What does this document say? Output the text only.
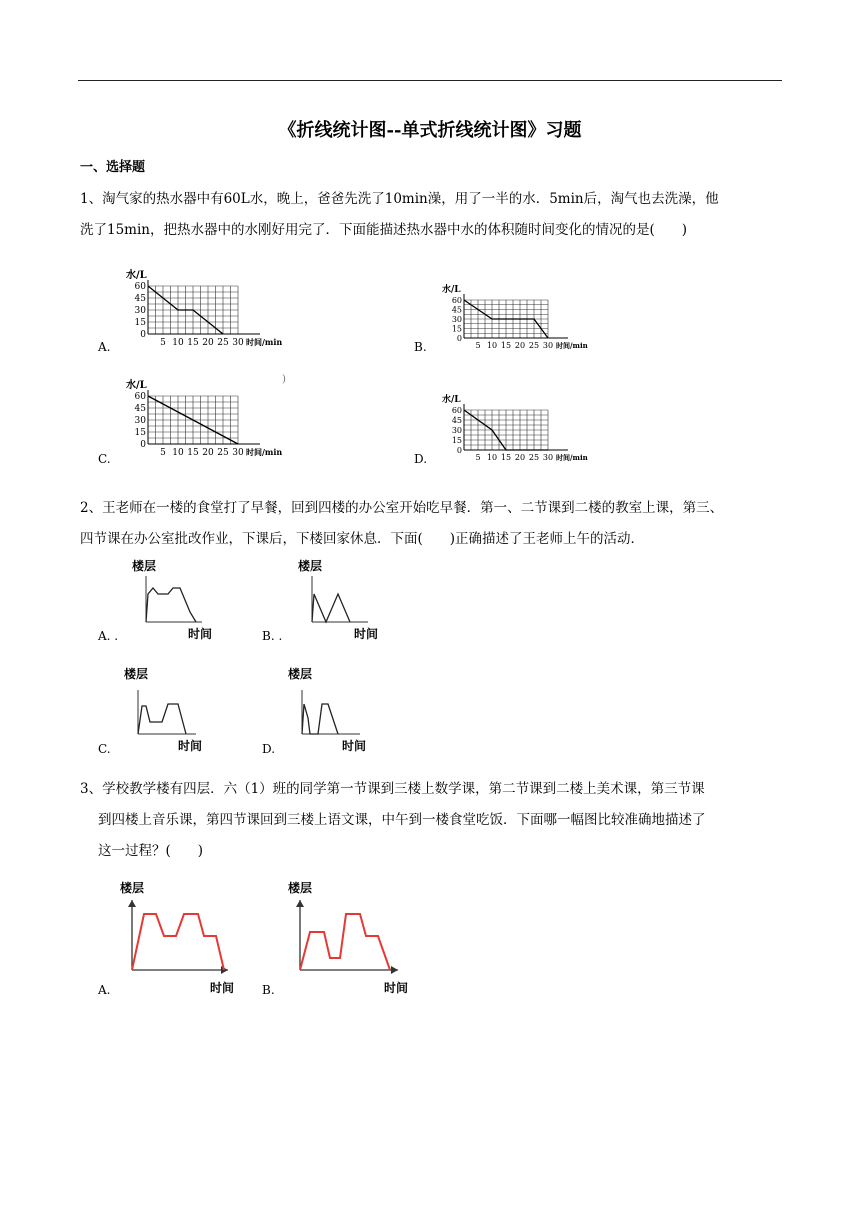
《折线统计图--单式折线统计图》习题
一、选择题
1、淘气家的热水器中有60L水，晚上，爸爸先洗了10min澡，用了一半的水．5min后，淘气也去洗澡，他
洗了15min，把热水器中的水刚好用完了．下面能描述热水器中水的体积随时间变化的情况的是(　　)
A.	B.
C.	D.
0
15
30
45
60
5 10 15 20 25 30
水/L
时间/min	0
15
30
45
60
5 10 15 20 25 30
水/L
时间/min
0
15
30
45
60
5 10 15 20 25 30
水/L
时间/min	0
15
30
45
60
5 10 15 20 25 30
水/L
时间/min
)
2、王老师在一楼的食堂打了早餐，回到四楼的办公室开始吃早餐．第一、二节课到二楼的教室上课，第三、
四节课在办公室批改作业，下课后，下楼回家休息．下面(　　)正确描述了王老师上午的活动．
A. .	B. .
C.	D.
楼层
时间
楼层
时间
楼层
时间
楼层
时间
3、学校教学楼有四层．六（1）班的同学第一节课到三楼上数学课，第二节课到二楼上美术课，第三节课
到四楼上音乐课，第四节课回到三楼上语文课，中午到一楼食堂吃饭．下面哪一幅图比较准确地描述了
这一过程？(　　)
A.	B.
楼层
时间
楼层
时间
